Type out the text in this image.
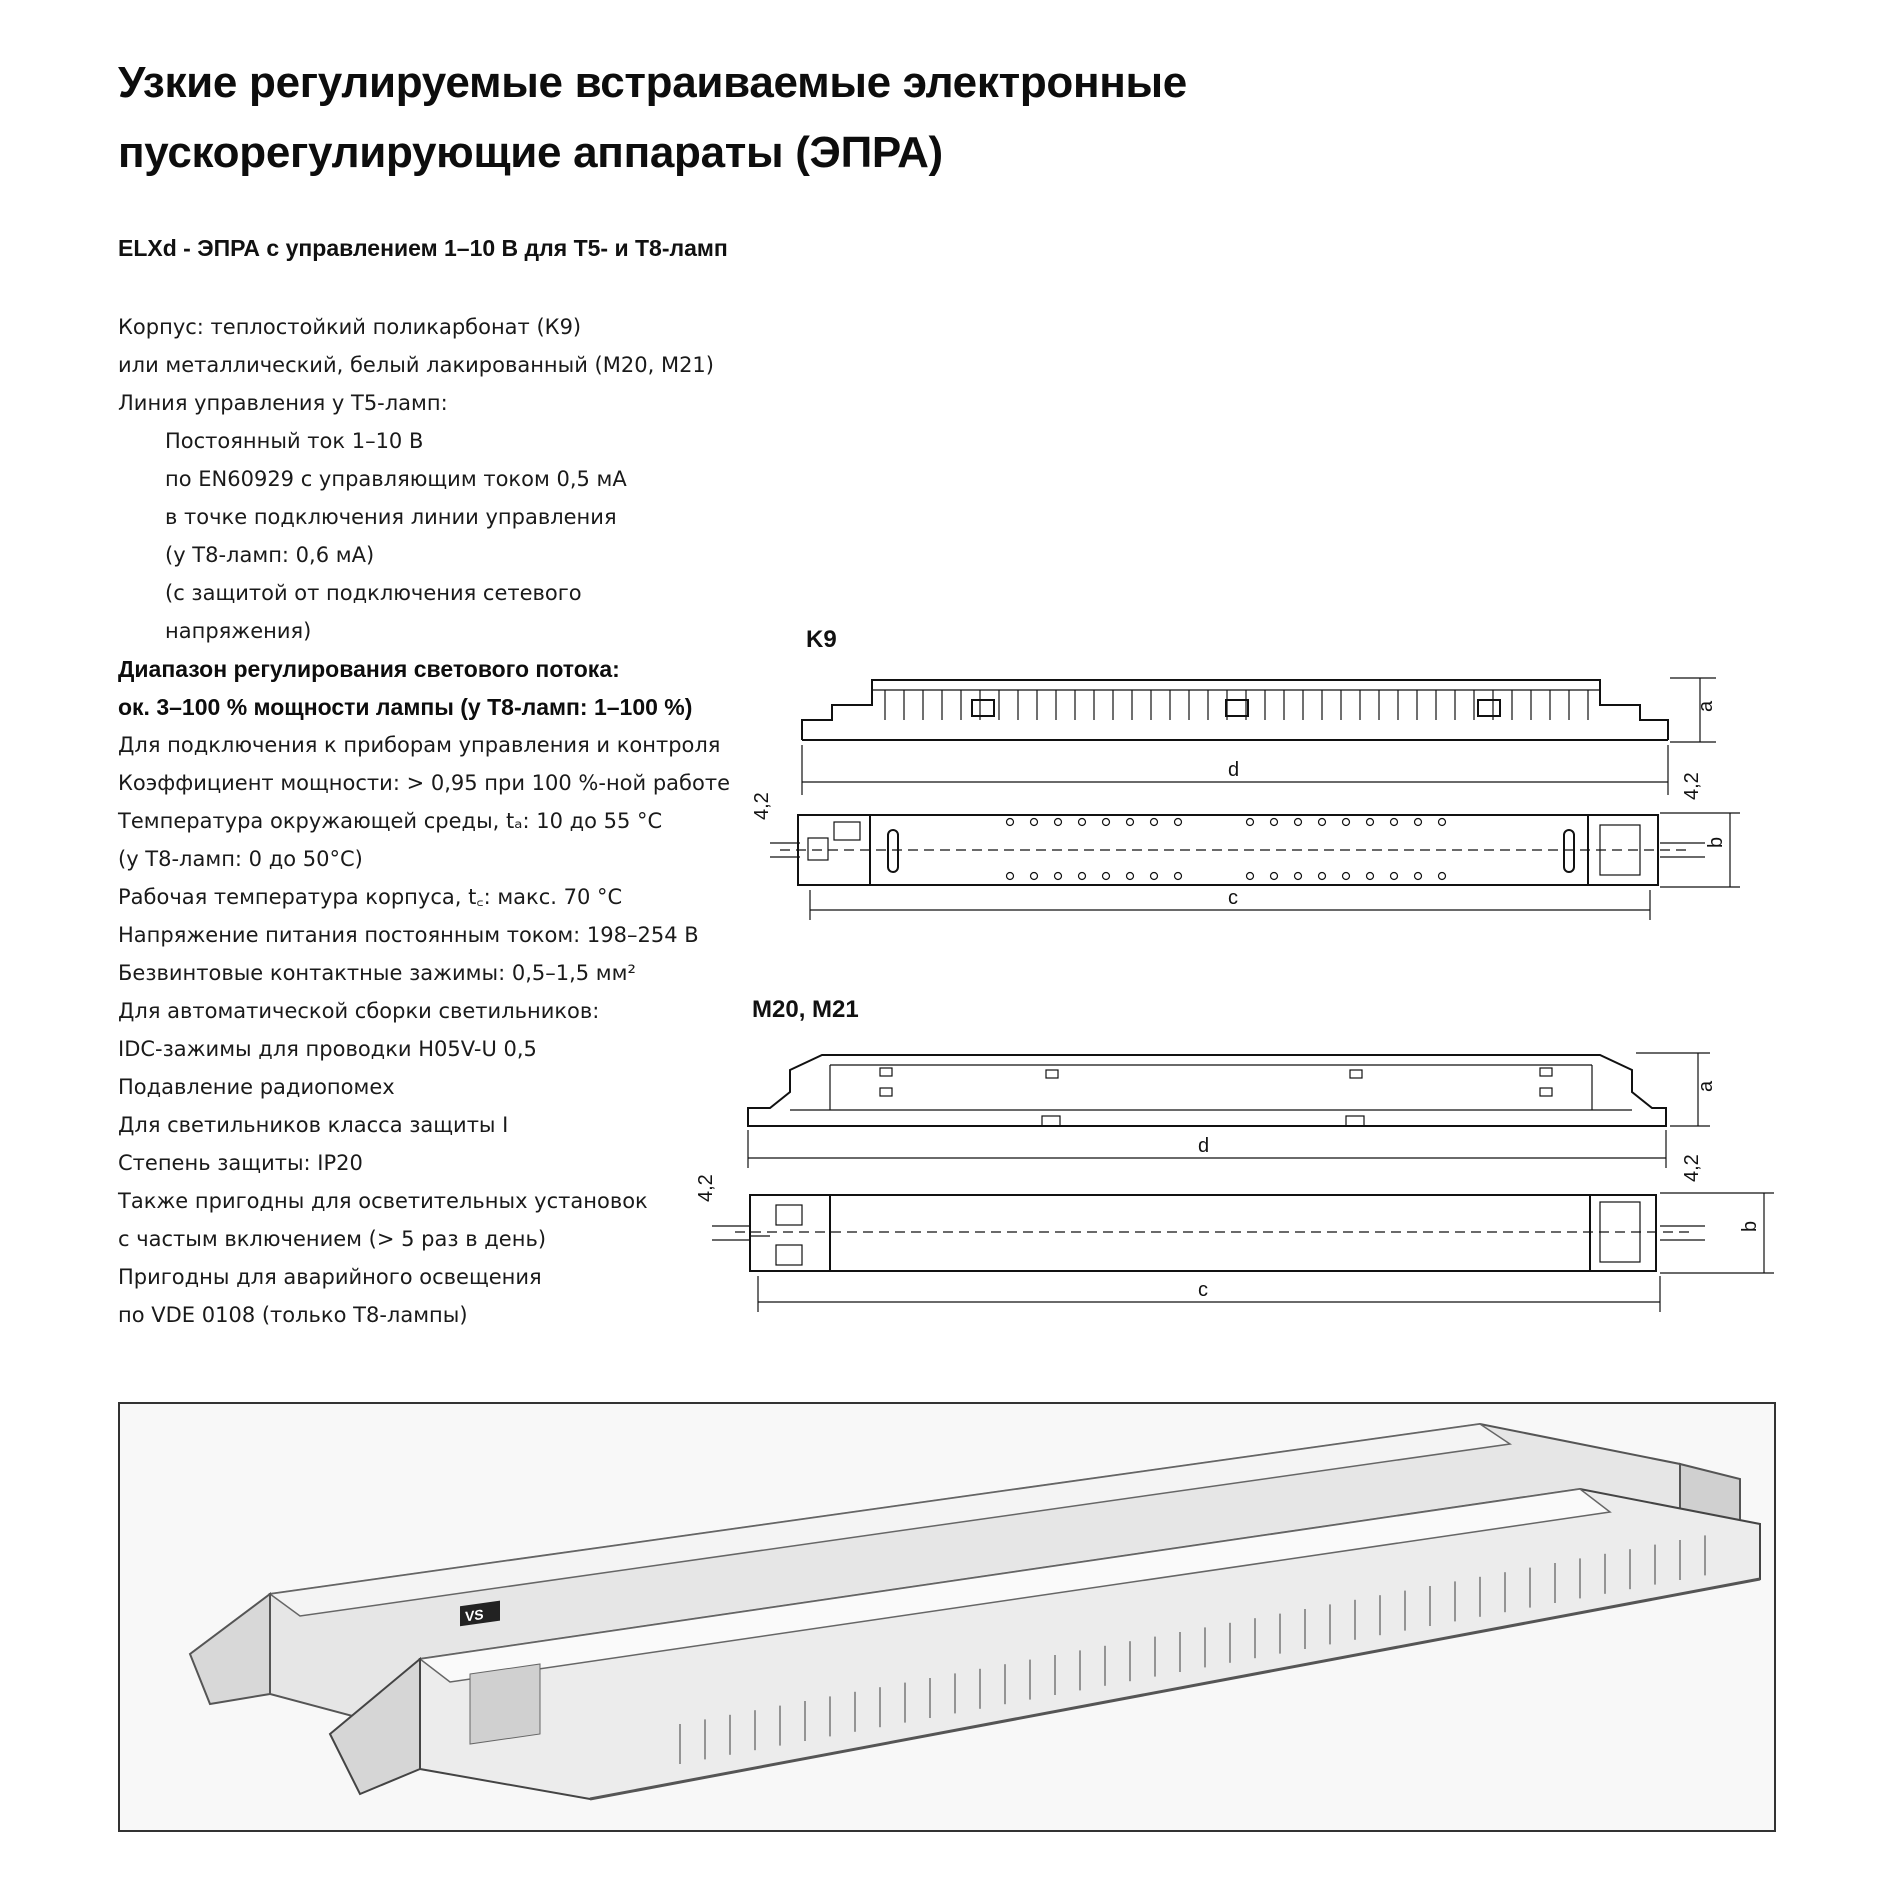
Узкие регулируемые встраиваемые электронные
пускорегулирующие аппараты (ЭПРА)
ELXd - ЭПРА с управлением 1–10 В для Т5- и Т8-ламп
Корпус: теплостойкий поликарбонат (К9)
или металлический, белый лакированный (М20, М21)
Линия управления у Т5-ламп:
Постоянный ток 1–10 В
по EN60929 с управляющим током 0,5 мА
в точке подключения линии управления
(у Т8-ламп: 0,6 мА)
(с защитой от подключения сетевого
напряжения)
Диапазон регулирования светового потока:
ок. 3–100 % мощности лампы (у Т8-ламп: 1–100 %)
Для подключения к приборам управления и контроля
Коэффициент мощности: > 0,95 при 100 %-ной работе
Температура окружающей среды, tₐ: 10 до 55 °С
(у Т8-ламп: 0 до 50°С)
Рабочая температура корпуса, t꜀: макс. 70 °С
Напряжение питания постоянным током: 198–254 В
Безвинтовые контактные зажимы: 0,5–1,5 мм²
Для автоматической сборки светильников:
IDC-зажимы для проводки H05V-U 0,5
Подавление радиопомех
Для светильников класса защиты I
Степень защиты: IP20
Также пригодны для осветительных установок
с частым включением (> 5 раз в день)
Пригодны для аварийного освещения
по VDE 0108 (только Т8-лампы)
K9
d
a
c
b
4,2
4,2
M20, M21
d
a
c
b
4,2
4,2
VS
